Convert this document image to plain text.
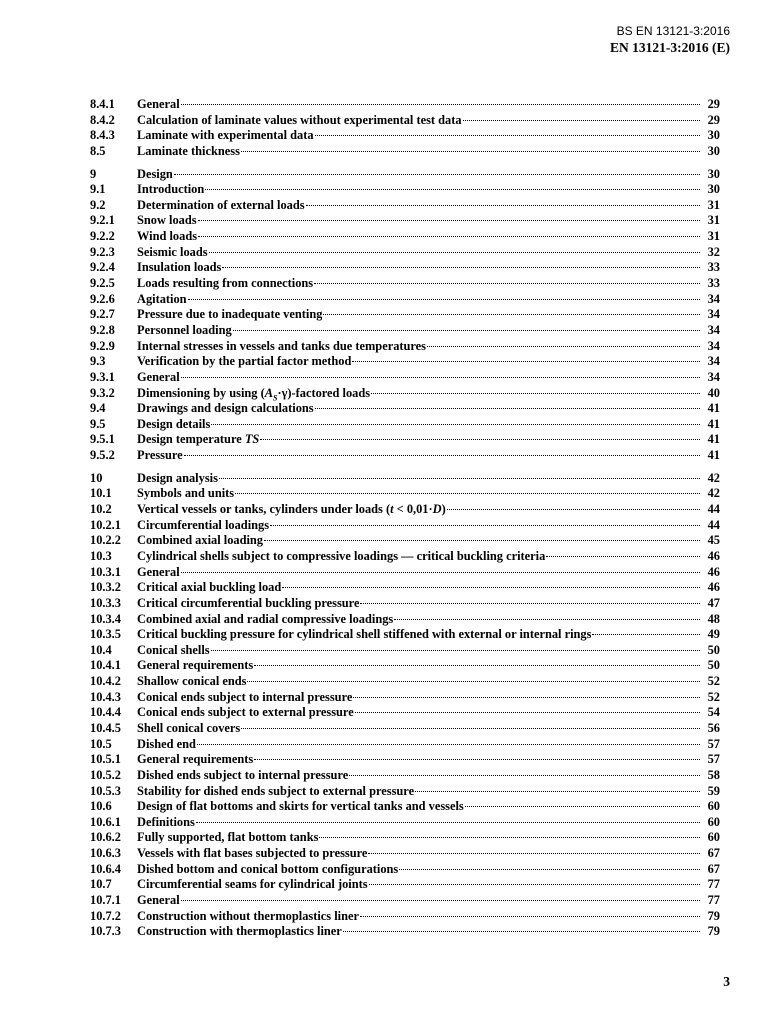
BS EN 13121-3:2016
EN 13121-3:2016 (E)
8.4.1	General	29
8.4.2	Calculation of laminate values without experimental test data	29
8.4.3	Laminate with experimental data	30
8.5	Laminate thickness	30
9	Design	30
9.1	Introduction	30
9.2	Determination of external loads	31
9.2.1	Snow loads	31
9.2.2	Wind loads	31
9.2.3	Seismic loads	32
9.2.4	Insulation loads	33
9.2.5	Loads resulting from connections	33
9.2.6	Agitation	34
9.2.7	Pressure due to inadequate venting	34
9.2.8	Personnel loading	34
9.2.9	Internal stresses in vessels and tanks due temperatures	34
9.3	Verification by the partial factor method	34
9.3.1	General	34
9.3.2	Dimensioning by using $(A_S\cdot\gamma)$-factored loads	40
9.4	Drawings and design calculations	41
9.5	Design details	41
9.5.1	Design temperature TS	41
9.5.2	Pressure	41
10	Design analysis	42
10.1	Symbols and units	42
10.2	Vertical vessels or tanks, cylinders under loads (t < 0,01·D)	44
10.2.1	Circumferential loadings	44
10.2.2	Combined axial loading	45
10.3	Cylindrical shells subject to compressive loadings — critical buckling criteria	46
10.3.1	General	46
10.3.2	Critical axial buckling load	46
10.3.3	Critical circumferential buckling pressure	47
10.3.4	Combined axial and radial compressive loadings	48
10.3.5	Critical buckling pressure for cylindrical shell stiffened with external or internal rings	49
10.4	Conical shells	50
10.4.1	General requirements	50
10.4.2	Shallow conical ends	52
10.4.3	Conical ends subject to internal pressure	52
10.4.4	Conical ends subject to external pressure	54
10.4.5	Shell conical covers	56
10.5	Dished end	57
10.5.1	General requirements	57
10.5.2	Dished ends subject to internal pressure	58
10.5.3	Stability for dished ends subject to external pressure	59
10.6	Design of flat bottoms and skirts for vertical tanks and vessels	60
10.6.1	Definitions	60
10.6.2	Fully supported, flat bottom tanks	60
10.6.3	Vessels with flat bases subjected to pressure	67
10.6.4	Dished bottom and conical bottom configurations	67
10.7	Circumferential seams for cylindrical joints	77
10.7.1	General	77
10.7.2	Construction without thermoplastics liner	79
10.7.3	Construction with thermoplastics liner	79
3
